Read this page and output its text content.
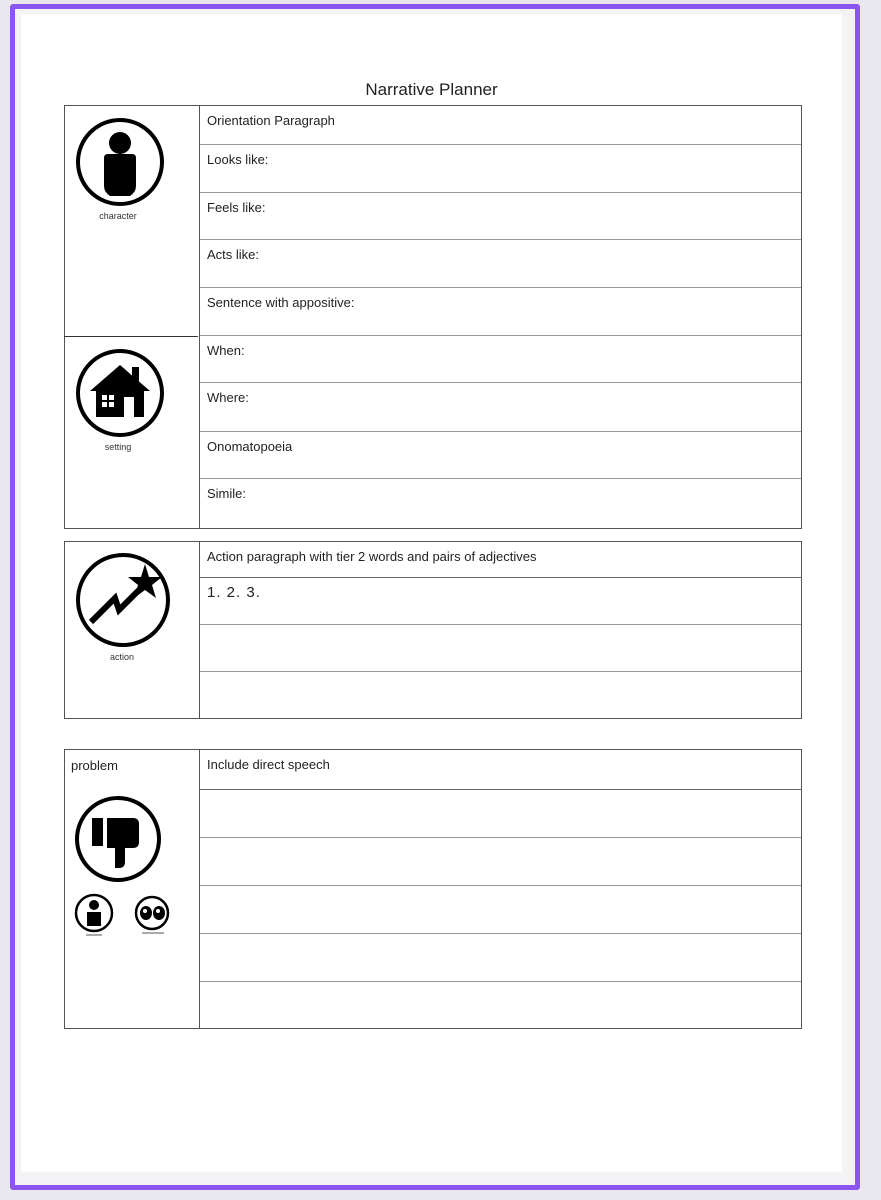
Narrative Planner
character
setting
Orientation Paragraph
Looks like:
Feels like:
Acts like:
Sentence with appositive:
When:
Where:
Onomatopoeia
Simile:
action
Action paragraph with tier 2 words and pairs of adjectives
1. 2. 3.
problem	Include direct speech
